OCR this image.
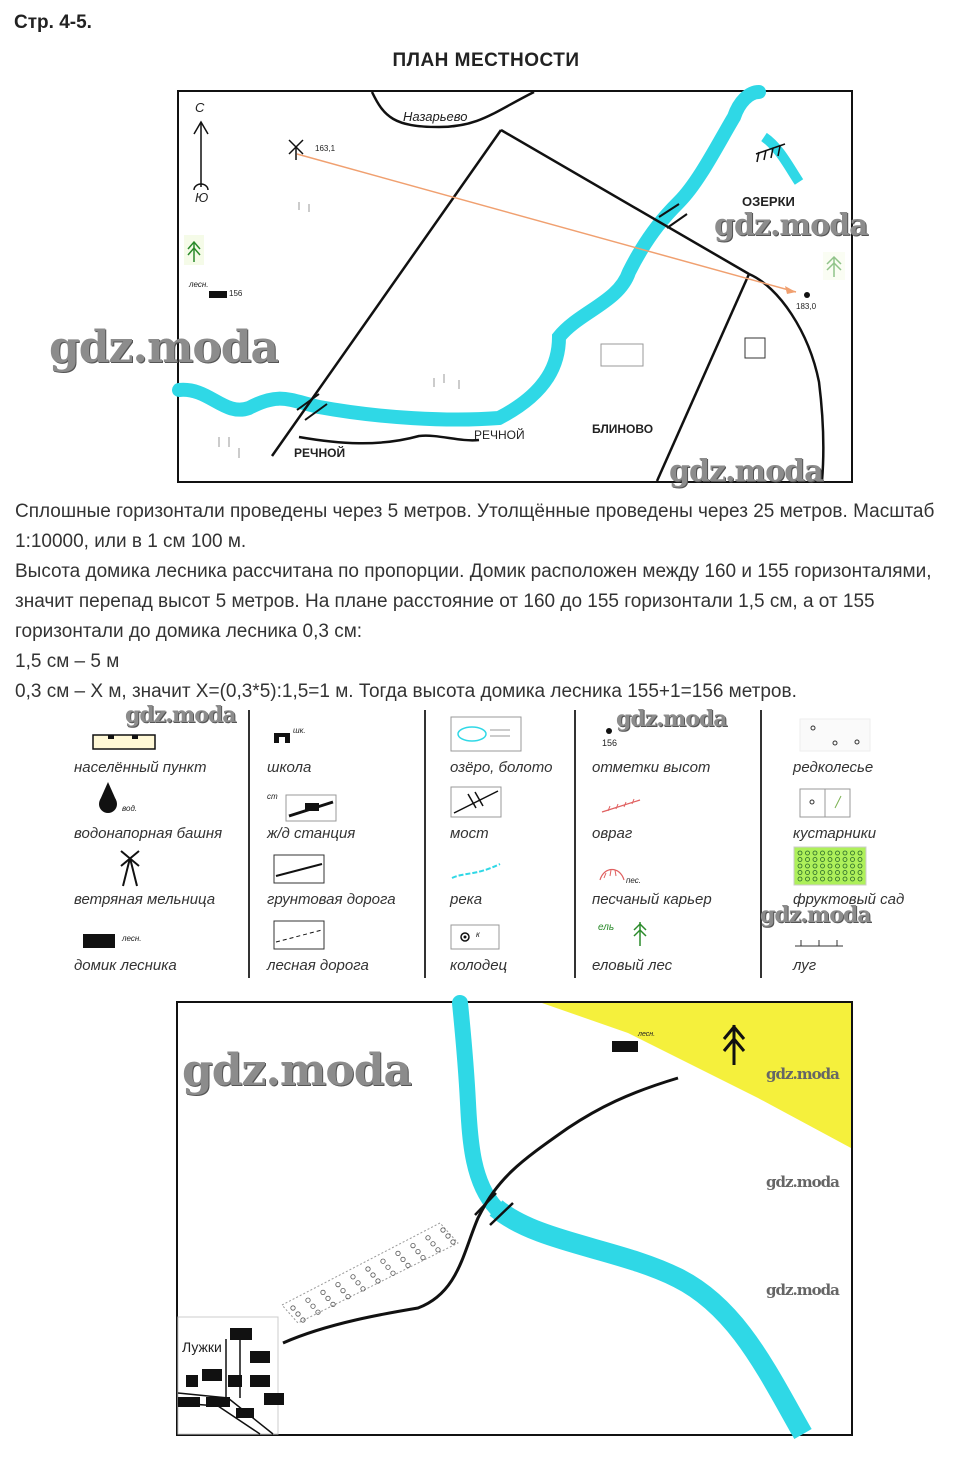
Стр. 4-5.
ПЛАН МЕСТНОСТИ
С
Ю
Назарьево
ОЗЕРКИ
РЕЧНОЙ
РЕЧНОЙ	БЛИНОВО
163,1
183,0
156
лесн.
gdz.moda
gdz.moda
gdz.moda

Сплошные горизонтали проведены через 5 метров. Утолщённые проведены через 25 метров. Масштаб 1:10000, или в 1 см 100 м.

Высота домика лесника рассчитана по пропорции. Домик расположен между 160 и 155 горизонталями, значит перепад высот 5 метров. На плане расстояние от 160 до 155 горизонтали 1,5 см, а от 155 горизонтали до домика лесника 0,3 см:

1,5 см – 5 м

0,3 см – Х м, значит Х=(0,3*5):1,5=1 м. Тогда высота домика лесника 155+1=156 метров.

населённый пункт
вод.
водонапорная башня
ветряная мельница
лесн.
домик лесника
шк.
школа
ст
ж/д станция
грунтовая дорога
лесная дорога
озёро, болото
мост
река
к
колодец
156
отметки высот
овраг
пес.
песчаный карьер
ель
еловый лес
редколесье
кустарники
фруктовый сад
луг
gdz.moda	gdz.moda
gdz.moda
Лужки
лесн.
gdz.moda	gdz.moda
gdz.moda
gdz.moda
